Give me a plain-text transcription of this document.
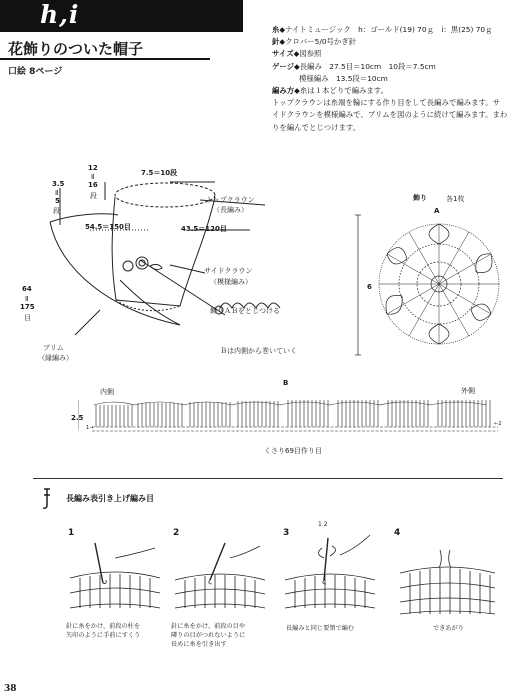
h,i
花飾りのついた帽子
口絵 8ページ
糸◆ナイトミュージック　h：ゴールド(19) 70ｇ　i：黒(25) 70ｇ
針◆クロバー5/0号かぎ針
サイズ◆図参照
ゲージ◆長編み　27.5目＝10cm　10段＝7.5cm
模様編み　13.5段＝10cm
編み方◆糸は１本どりで編みます。
トップクラウンは糸端を輪にする作り目をして長編みで編みます。サ
イドクラウンを模様編みで、ブリムを図のように続けて編みます。まわ
りを編んでとじつけます。
12
Ⅱ
16
段
7.5＝10段
3.5
Ⅱ
5
段
54.5＝150目	43.5＝120目
トップクラウン
（長編み）
サイドクラウン
（模様編み）
飾りＡＢをとじつける
Ｂは内側から巻いていく
64
Ⅱ
175
目
ブリム
（縁編み）
飾り	各1枚
A
6
B
内側	外側
2.5
1→
←2
くさり69目作り目
長編み表引き上げ編み目
1	2	3	4
1 2
針に糸をかけ、前段の柱を
矢印のように手前にすくう
針に糸をかけ、前段の目や
隣りの目がつれないように
長めに糸を引き出す
長編みと同じ要領で編む	できあがり
38
